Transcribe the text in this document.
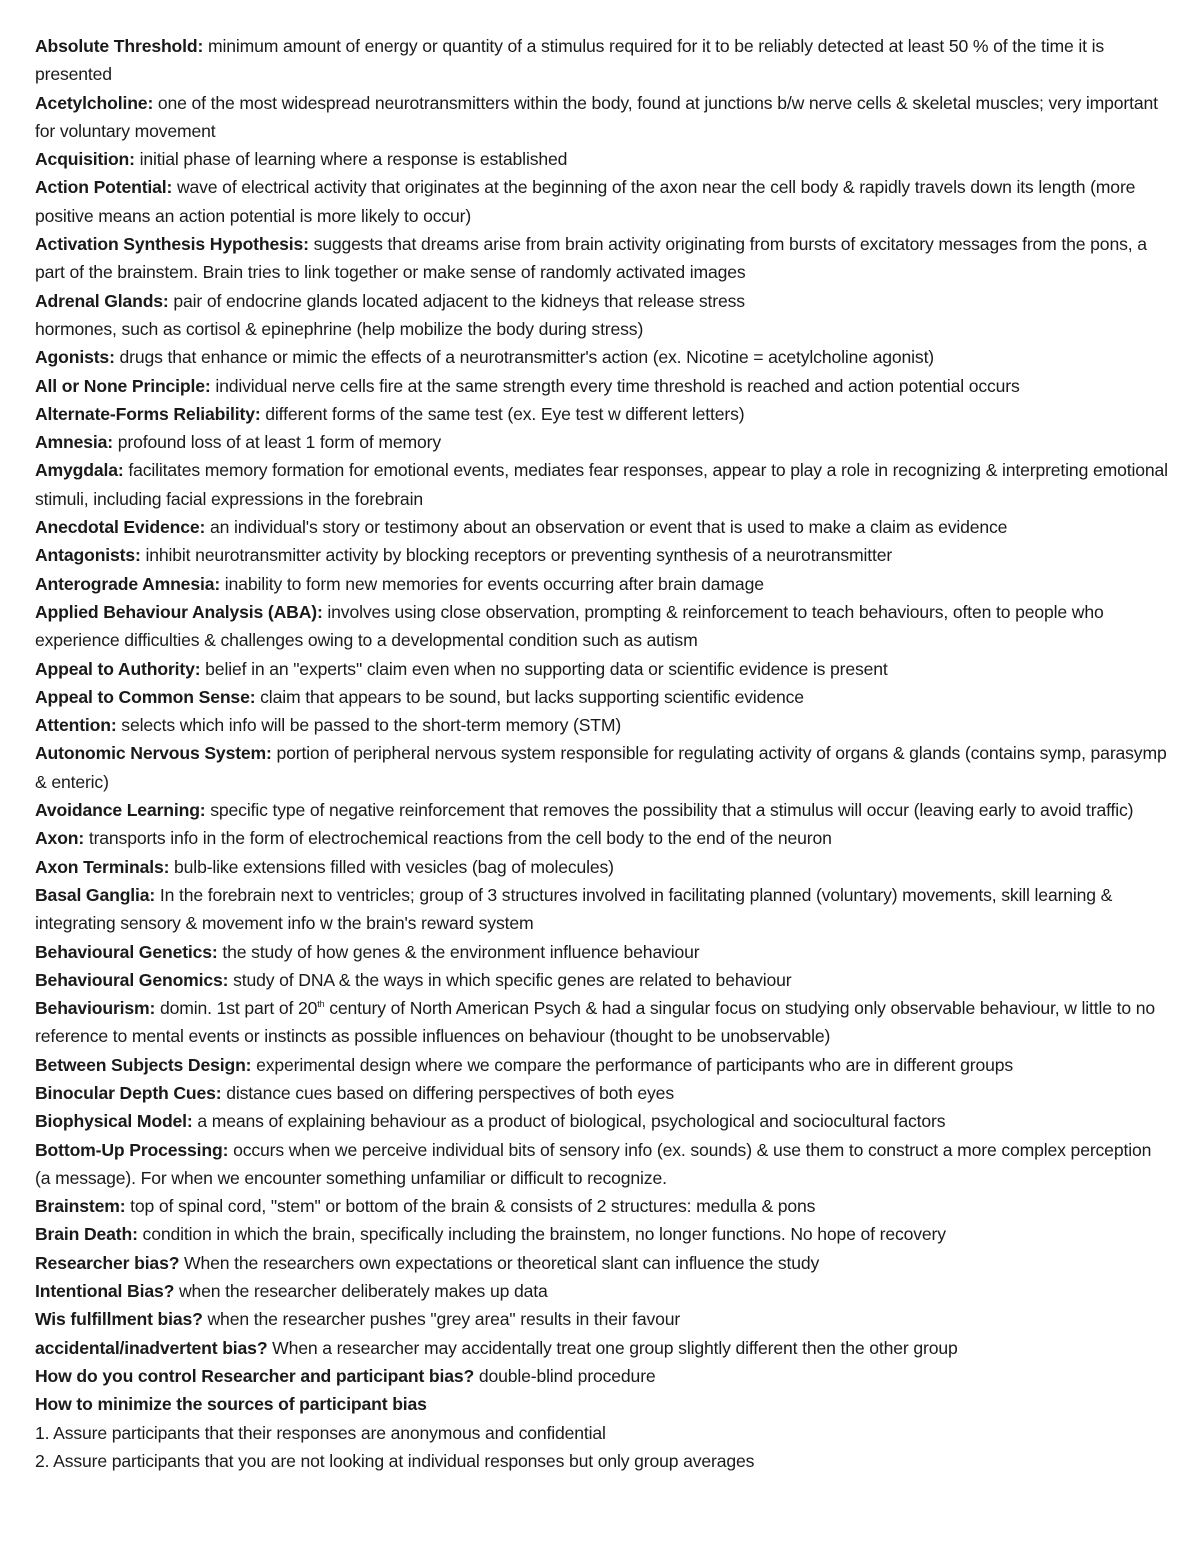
Absolute Threshold: minimum amount of energy or quantity of a stimulus required for it to be reliably detected at least 50 % of the time it is presented

Acetylcholine: one of the most widespread neurotransmitters within the body, found at junctions b/w nerve cells & skeletal muscles; very important for voluntary movement

Acquisition: initial phase of learning where a response is established

Action Potential: wave of electrical activity that originates at the beginning of the axon near the cell body & rapidly travels down its length (more positive means an action potential is more likely to occur)

Activation Synthesis Hypothesis: suggests that dreams arise from brain activity originating from bursts of excitatory messages from the pons, a part of the brainstem. Brain tries to link together or make sense of randomly activated images

Adrenal Glands: pair of endocrine glands located adjacent to the kidneys that release stress
hormones, such as cortisol & epinephrine (help mobilize the body during stress)

Agonists: drugs that enhance or mimic the effects of a neurotransmitter's action (ex. Nicotine = acetylcholine agonist)

All or None Principle: individual nerve cells fire at the same strength every time threshold is reached and action potential occurs

Alternate-Forms Reliability: different forms of the same test (ex. Eye test w different letters)

Amnesia: profound loss of at least 1 form of memory

Amygdala: facilitates memory formation for emotional events, mediates fear responses, appear to play a role in recognizing & interpreting emotional stimuli, including facial expressions in the forebrain

Anecdotal Evidence: an individual's story or testimony about an observation or event that is used to make a claim as evidence

Antagonists: inhibit neurotransmitter activity by blocking receptors or preventing synthesis of a neurotransmitter

Anterograde Amnesia: inability to form new memories for events occurring after brain damage

Applied Behaviour Analysis (ABA): involves using close observation, prompting & reinforcement to teach behaviours, often to people who experience difficulties & challenges owing to a developmental condition such as autism

Appeal to Authority: belief in an "experts" claim even when no supporting data or scientific evidence is present

Appeal to Common Sense: claim that appears to be sound, but lacks supporting scientific evidence

Attention: selects which info will be passed to the short-term memory (STM)

Autonomic Nervous System: portion of peripheral nervous system responsible for regulating activity of organs & glands (contains symp, parasymp & enteric)

Avoidance Learning: specific type of negative reinforcement that removes the possibility that a stimulus will occur (leaving early to avoid traffic)

Axon: transports info in the form of electrochemical reactions from the cell body to the end of the neuron

Axon Terminals: bulb-like extensions filled with vesicles (bag of molecules)

Basal Ganglia: In the forebrain next to ventricles; group of 3 structures involved in facilitating planned (voluntary) movements, skill learning & integrating sensory & movement info w the brain's reward system

Behavioural Genetics: the study of how genes & the environment influence behaviour

Behavioural Genomics: study of DNA & the ways in which specific genes are related to behaviour

Behaviourism: domin. 1st part of 20th century of North American Psych & had a singular focus on studying only observable behaviour, w little to no reference to mental events or instincts as possible influences on behaviour (thought to be unobservable)

Between Subjects Design: experimental design where we compare the performance of participants who are in different groups

Binocular Depth Cues: distance cues based on differing perspectives of both eyes

Biophysical Model: a means of explaining behaviour as a product of biological, psychological and sociocultural factors

Bottom-Up Processing: occurs when we perceive individual bits of sensory info (ex. sounds) & use them to construct a more complex perception (a message). For when we encounter something unfamiliar or difficult to recognize.

Brainstem: top of spinal cord, "stem" or bottom of the brain & consists of 2 structures: medulla & pons

Brain Death: condition in which the brain, specifically including the brainstem, no longer functions. No hope of recovery

Researcher bias? When the researchers own expectations or theoretical slant can influence the study

Intentional Bias? when the researcher deliberately makes up data

Wis fulfillment bias? when the researcher pushes "grey area" results in their favour

accidental/inadvertent bias? When a researcher may accidentally treat one group slightly different then the other group

How do you control Researcher and participant bias? double-blind procedure

How to minimize the sources of participant bias

1. Assure participants that their responses are anonymous and confidential

2. Assure participants that you are not looking at individual responses but only group averages
